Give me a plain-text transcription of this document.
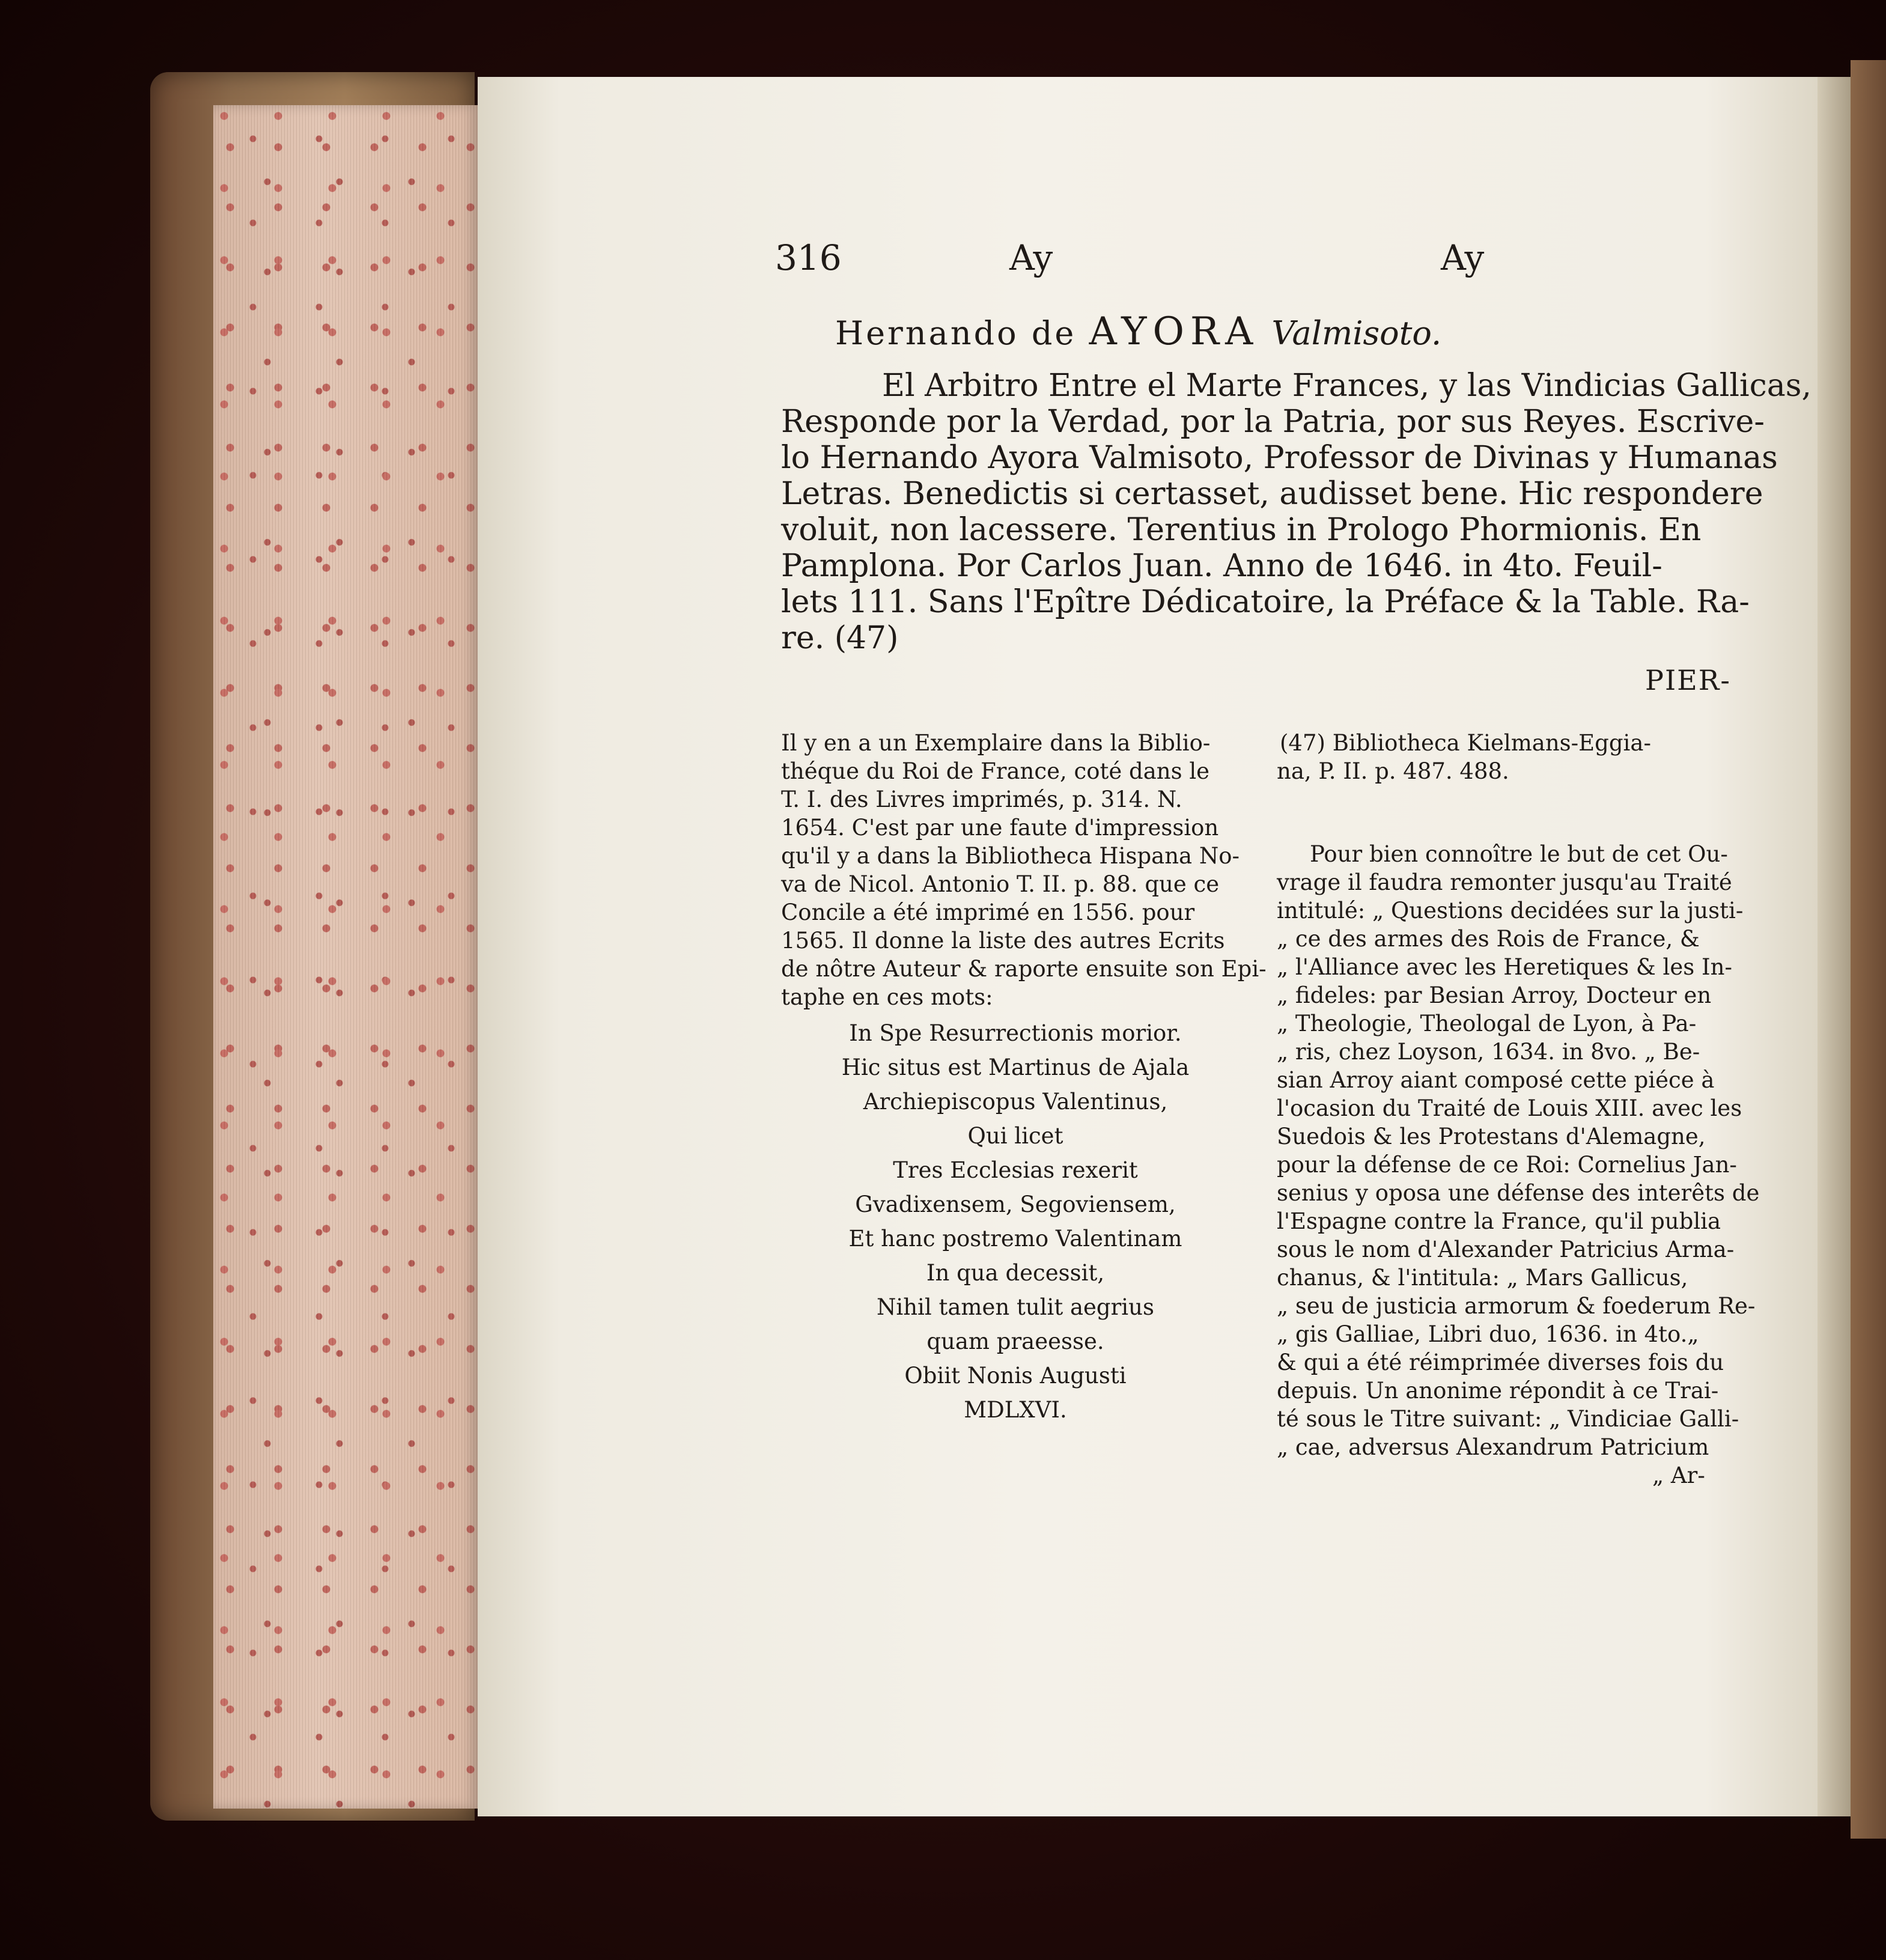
316	Ay	Ay
Hernando de AYORA Valmisoto.
El Arbitro Entre el Marte Frances, y las Vindicias Gallicas,
Responde por la Verdad, por la Patria, por sus Reyes. Escrive-
lo Hernando Ayora Valmisoto, Professor de Divinas y Humanas
Letras. Benedictis si certasset, audisset bene. Hic respondere
voluit, non lacessere. Terentius in Prologo Phormionis. En
Pamplona. Por Carlos Juan. Anno de 1646. in 4to. Feuil-
lets 111. Sans l'Epître Dédicatoire, la Préface & la Table. Ra-
re. (47)
PIER-
Il y en a un Exemplaire dans la Biblio-
théque du Roi de France, coté dans le
T. I. des Livres imprimés, p. 314. N.
1654. C'est par une faute d'impression
qu'il y a dans la Bibliotheca Hispana No-
va de Nicol. Antonio T. II. p. 88. que ce
Concile a été imprimé en 1556. pour
1565. Il donne la liste des autres Ecrits
de nôtre Auteur & raporte ensuite son Epi-
taphe en ces mots:
In Spe Resurrectionis morior.
Hic situs est Martinus de Ajala
Archiepiscopus Valentinus,
Qui licet
Tres Ecclesias rexerit
Gvadixensem, Segoviensem,
Et hanc postremo Valentinam
In qua decessit,
Nihil tamen tulit aegrius
quam praeesse.
Obiit Nonis Augusti
MDLXVI.
(47) Bibliotheca Kielmans-Eggia-
na, P. II. p. 487. 488.
Pour bien connoître le but de cet Ou-
vrage il faudra remonter jusqu'au Traité
intitulé: „ Questions decidées sur la justi-
„ ce des armes des Rois de France, &
„ l'Alliance avec les Heretiques & les In-
„ fideles: par Besian Arroy, Docteur en
„ Theologie, Theologal de Lyon, à Pa-
„ ris, chez Loyson, 1634. in 8vo. „ Be-
sian Arroy aiant composé cette piéce à
l'ocasion du Traité de Louis XIII. avec les
Suedois & les Protestans d'Alemagne,
pour la défense de ce Roi: Cornelius Jan-
senius y oposa une défense des interêts de
l'Espagne contre la France, qu'il publia
sous le nom d'Alexander Patricius Arma-
chanus, & l'intitula: „ Mars Gallicus,
„ seu de justicia armorum & foederum Re-
„ gis Galliae, Libri duo, 1636. in 4to.„
& qui a été réimprimée diverses fois du
depuis. Un anonime répondit à ce Trai-
té sous le Titre suivant: „ Vindiciae Galli-
„ cae, adversus Alexandrum Patricium
„ Ar-
